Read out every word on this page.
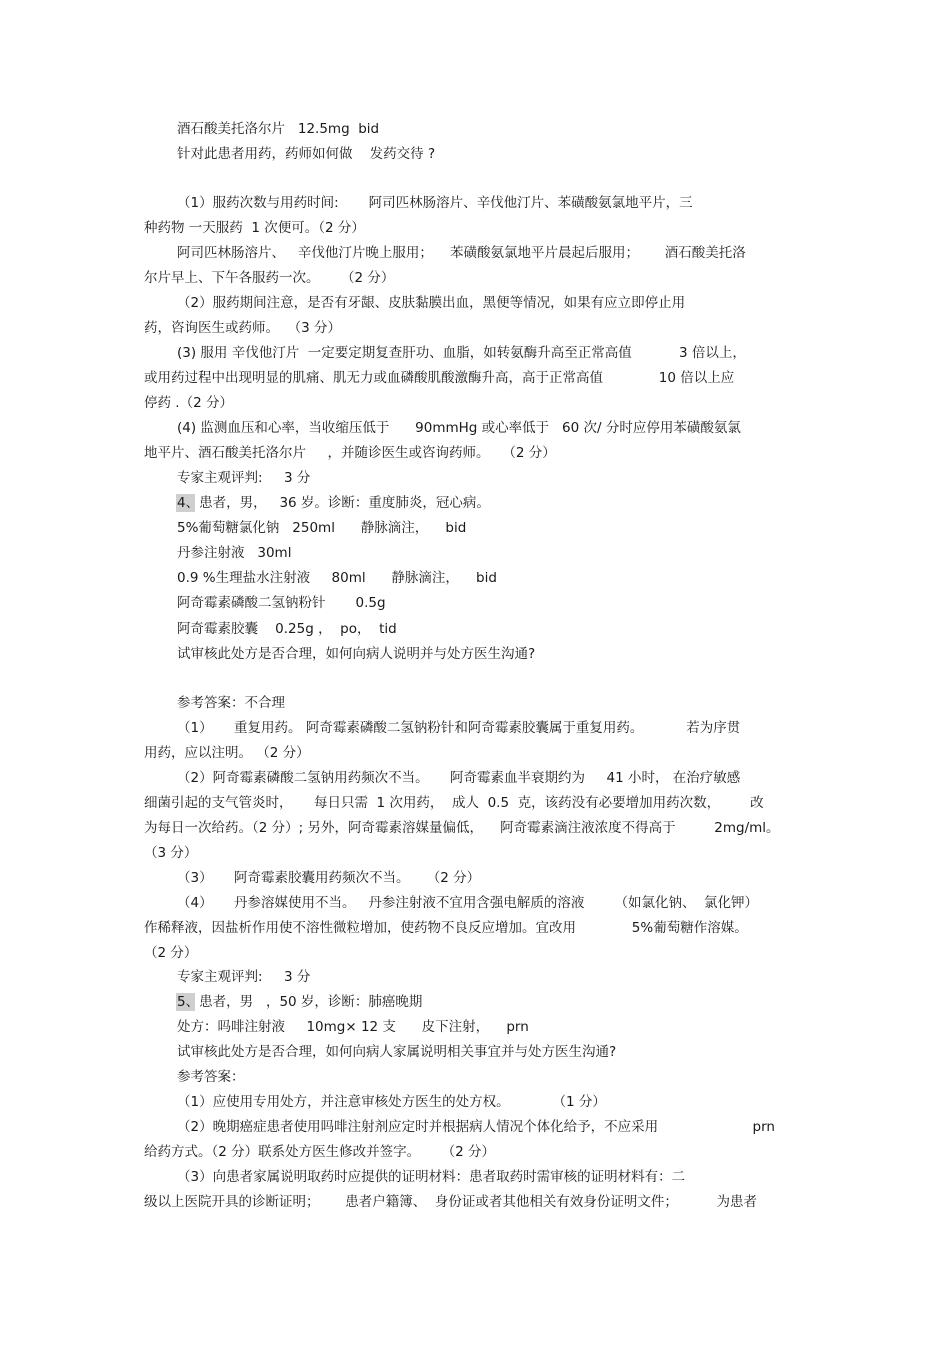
酒石酸美托洛尔片   12.5mg  bid
针对此患者用药，药师如何做    发药交待 ?
（1）服药次数与用药时间:       阿司匹林肠溶片、辛伐他汀片、苯磺酸氨氯地平片，三
种药物 一天服药  1 次便可。（2 分）
阿司匹林肠溶片、   辛伐他汀片晚上服用；    苯磺酸氨氯地平片晨起后服用；      酒石酸美托洛
尔片早上、下午各服药一次。     （2 分）
（2）服药期间注意，是否有牙龈、皮肤黏膜出血，黑便等情况，如果有应立即停止用
药，咨询医生或药师。  （3 分）
(3) 服用 辛伐他汀片  一定要定期复查肝功、血脂，如转氨酶升高至正常高值           3 倍以上，
或用药过程中出现明显的肌痛、肌无力或血磷酸肌酸激酶升高，高于正常高值             10 倍以上应
停药 .（2 分）
(4) 监测血压和心率，当收缩压低于      90mmHg 或心率低于   60 次/ 分时应停用苯磺酸氨氯
地平片、酒石酸美托洛尔片     ，并随诊医生或咨询药师。   （2 分）
专家主观评判:     3 分
4、患者，男，   36 岁。诊断：重度肺炎，冠心病。
5%葡萄糖氯化钠   250ml      静脉滴注，    bid
丹参注射液   30ml
0.9 %生理盐水注射液     80ml      静脉滴注，    bid
阿奇霉素磷酸二氢钠粉针       0.5g
阿奇霉素胶囊    0.25g ，  po，  tid
试审核此处方是否合理，如何向病人说明并与处方医生沟通?
参考答案：不合理
（1）     重复用药。 阿奇霉素磷酸二氢钠粉针和阿奇霉素胶囊属于重复用药。          若为序贯
用药，应以注明。 （2 分）
（2）阿奇霉素磷酸二氢钠用药频次不当。     阿奇霉素血半衰期约为     41 小时， 在治疗敏感
细菌引起的支气管炎时，     每日只需  1 次用药，  成人  0.5  克，该药没有必要增加用药次数，       改
为每日一次给药。（2 分）; 另外，阿奇霉素溶媒量偏低，    阿奇霉素滴注液浓度不得高于         2mg/ml。
（3 分）
（3）     阿奇霉素胶囊用药频次不当。    （2 分）
（4）     丹参溶媒使用不当。   丹参注射液不宜用含强电解质的溶液       （如氯化钠、  氯化钾）
作稀释液，因盐析作用使不溶性微粒增加，使药物不良反应增加。宜改用             5%葡萄糖作溶媒。
（2 分）
专家主观评判:     3 分
5、患者，男   ，50 岁，诊断：肺癌晚期
处方：吗啡注射液     10mg× 12 支      皮下注射，    prn
试审核此处方是否合理，如何向病人家属说明相关事宜并与处方医生沟通?
参考答案：
（1）应使用专用处方，并注意审核处方医生的处方权。          （1 分）
（2）晚期癌症患者使用吗啡注射剂应定时并根据病人情况个体化给予，不应采用                      prn
给药方式。（2 分）联系处方医生修改并签字。     （2 分）
（3）向患者家属说明取药时应提供的证明材料：患者取药时需审核的证明材料有：二
级以上医院开具的诊断证明；      患者户籍簿、  身份证或者其他相关有效身份证明文件；         为患者
